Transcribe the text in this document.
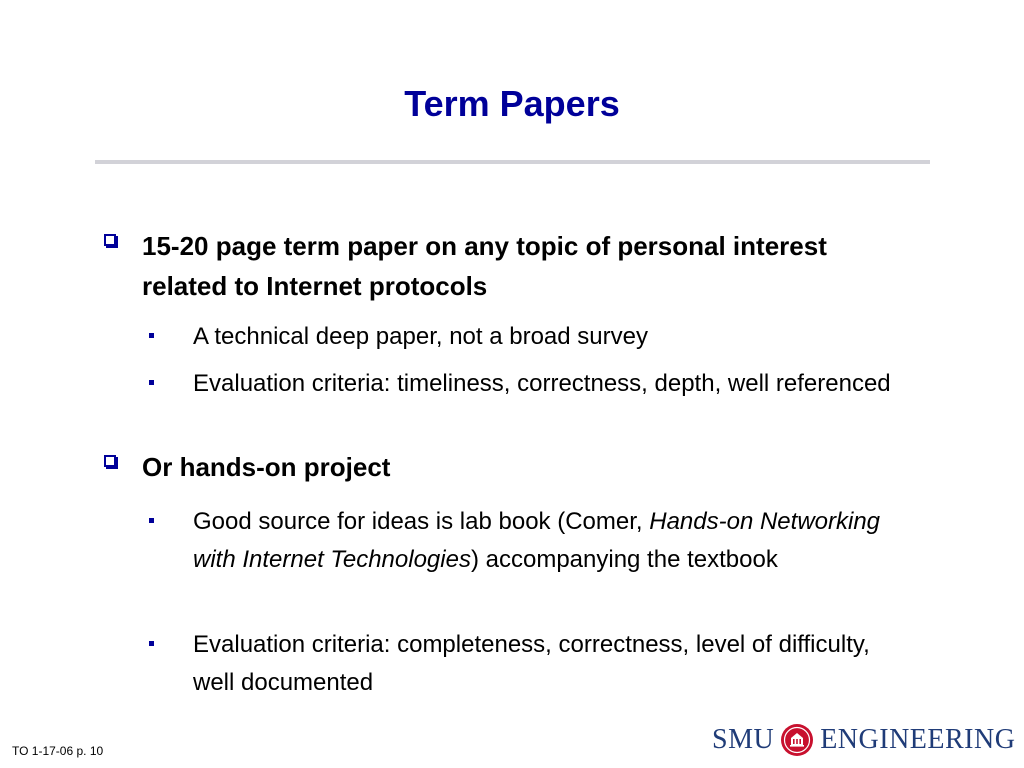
Term Papers
15-20 page term paper on any topic of personal interest related to Internet protocols
A technical deep paper, not a broad survey
Evaluation criteria: timeliness, correctness, depth, well referenced
Or hands-on project
Good source for ideas is lab book (Comer, Hands-on Networking with Internet Technologies) accompanying the textbook
Evaluation criteria: completeness, correctness, level of difficulty, well documented
TO 1-17-06 p. 10	SMU ENGINEERING
